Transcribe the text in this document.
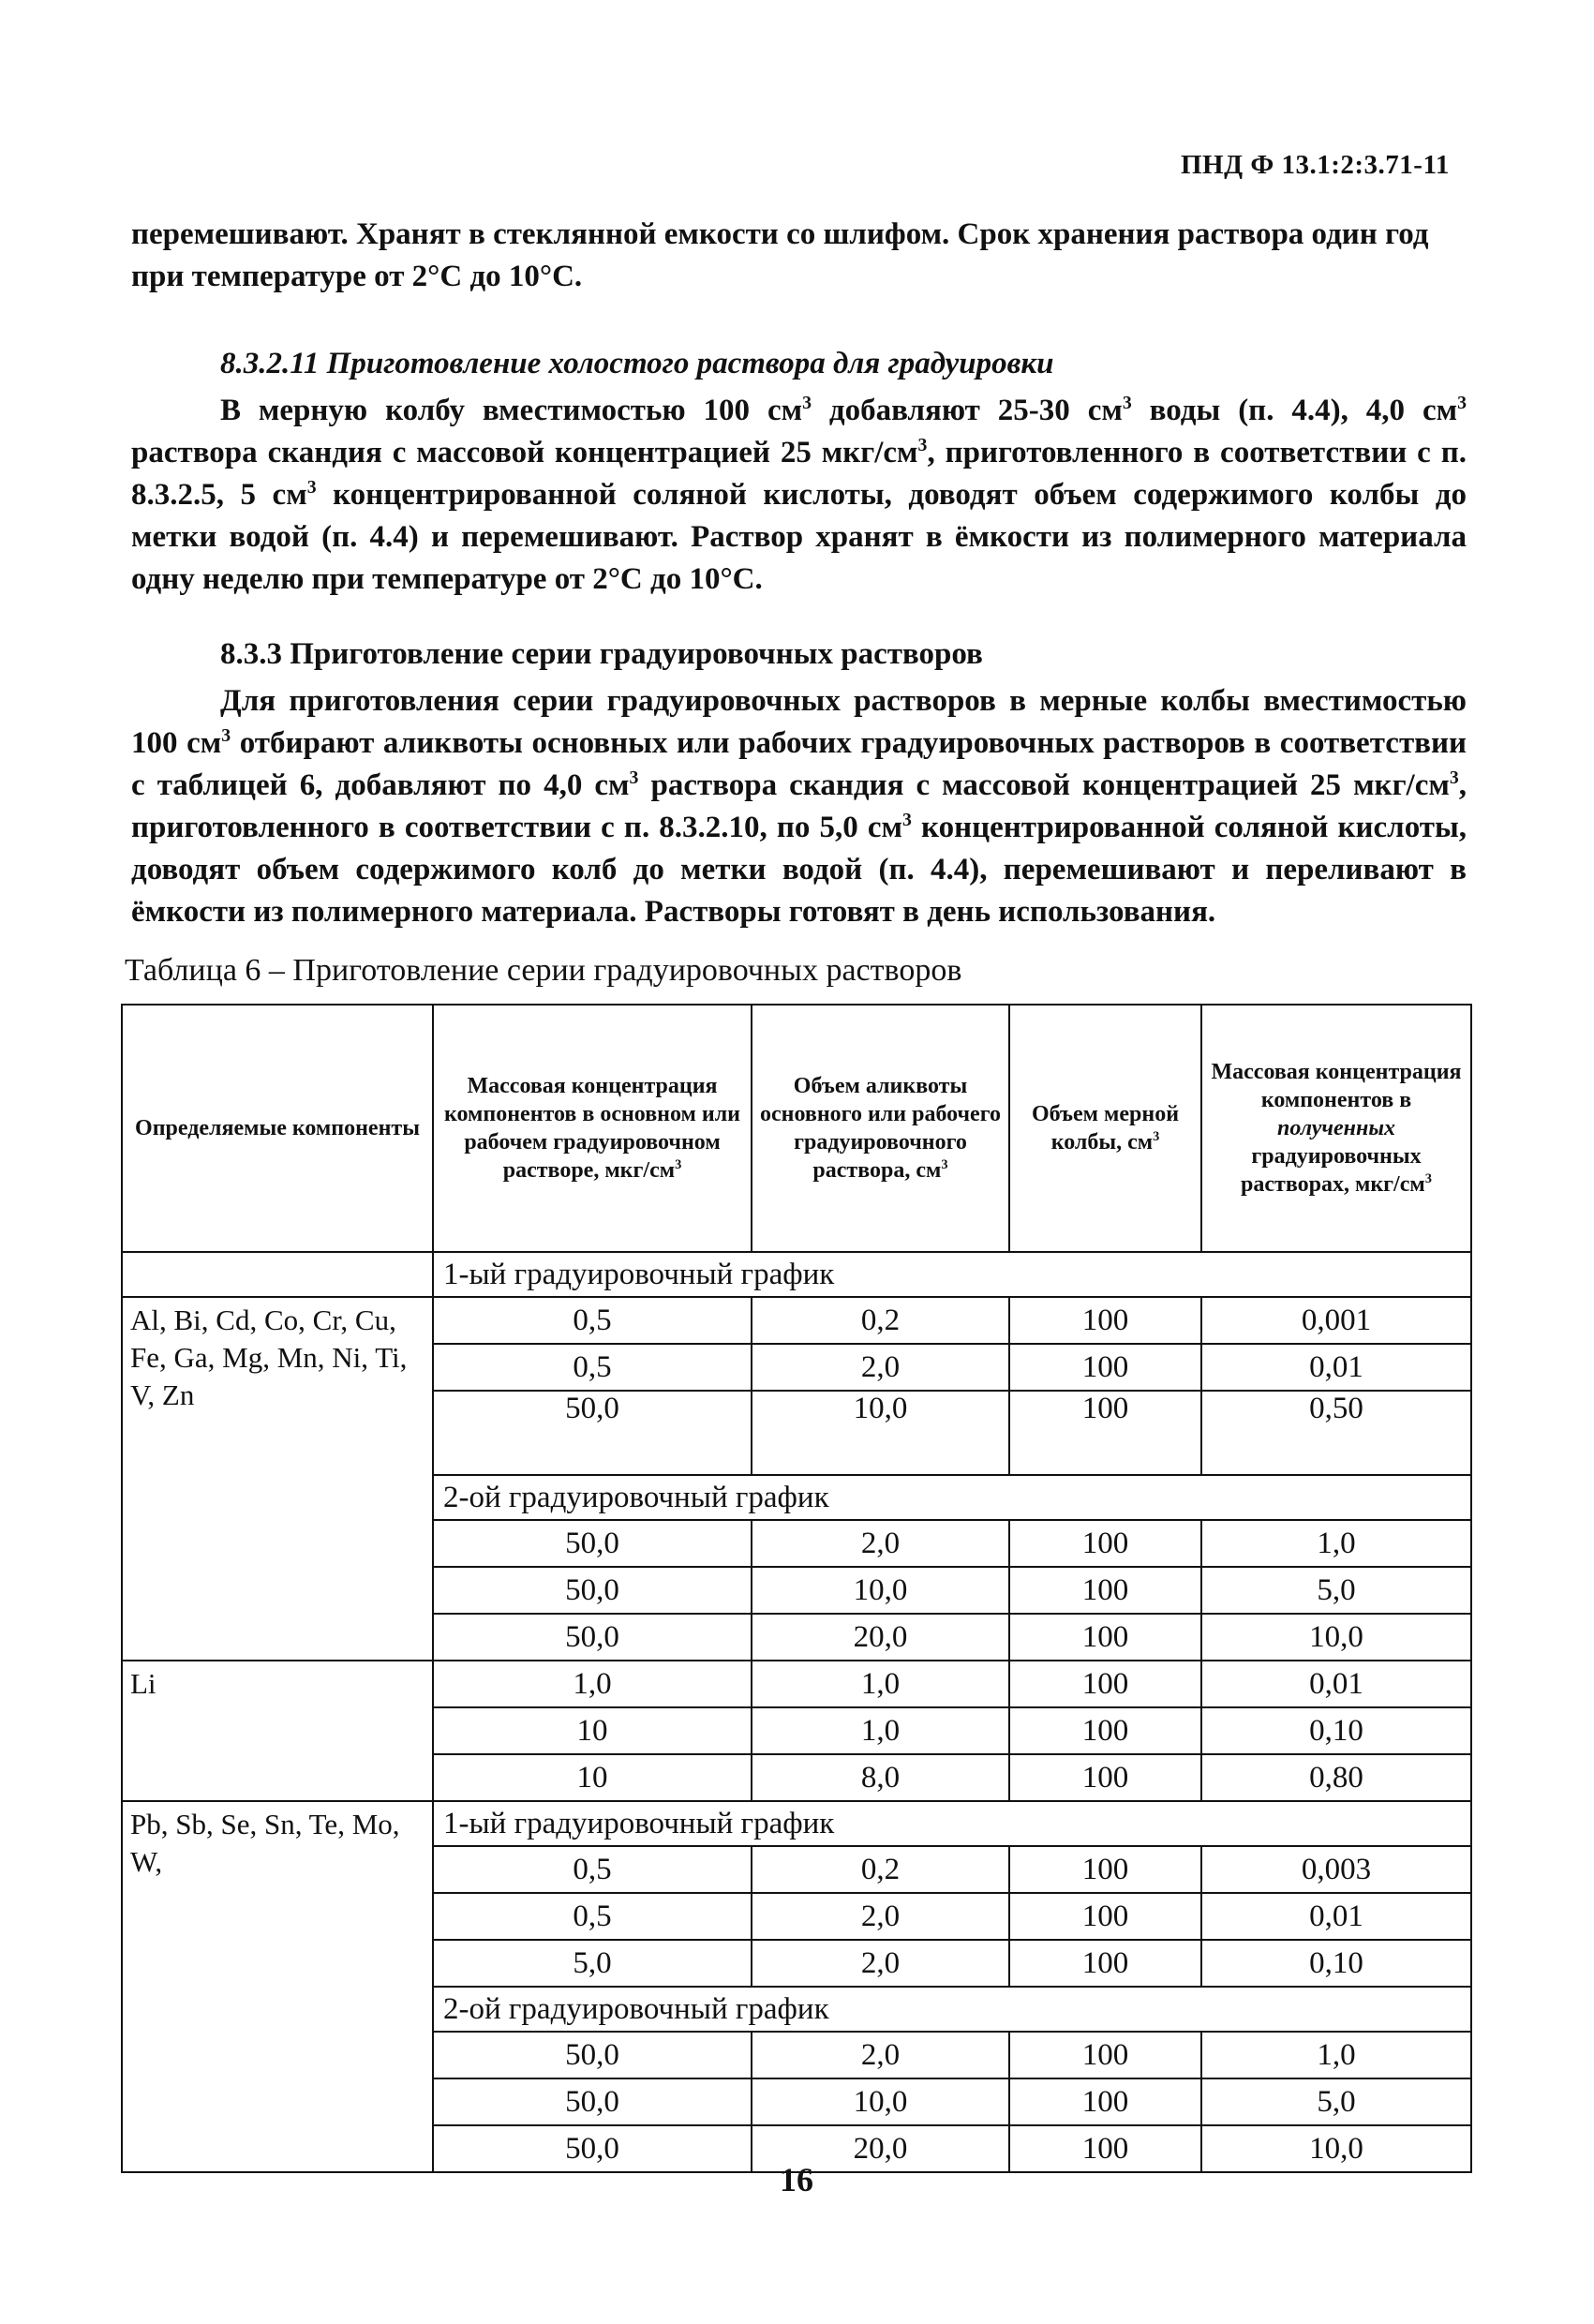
ПНД Ф 13.1:2:3.71-11
перемешивают. Хранят в стеклянной емкости со шлифом. Срок хранения раствора один год
при температуре от 2°С до 10°С.
8.3.2.11 Приготовление холостого раствора для градуировки
В мерную колбу вместимостью 100 $см^3$ добавляют 25-30 $см^3$ воды (п. 4.4), 4,0 $см^3$ раствора скандия с массовой концентрацией 25 мкг/$см^3$, приготовленного в соответствии с п. 8.3.2.5, 5 $см^3$ концентрированной соляной кислоты, доводят объем содержимого колбы до метки водой (п. 4.4) и перемешивают. Раствор хранят в ёмкости из полимерного материала одну неделю при температуре от 2°С до 10°С.
8.3.3 Приготовление серии градуировочных растворов
Для приготовления серии градуировочных растворов в мерные колбы вместимостью 100 $см^3$ отбирают аликвоты основных или рабочих градуировочных растворов в соответствии с таблицей 6, добавляют по 4,0 $см^3$ раствора скандия с массовой концентрацией 25 мкг/$см^3$, приготовленного в соответствии с п. 8.3.2.10, по 5,0 $см^3$ концентрированной соляной кислоты, доводят объем содержимого колб до метки водой (п. 4.4), перемешивают и переливают в ёмкости из полимерного материала. Растворы готовят в день использования.
Таблица 6 – Приготовление серии градуировочных растворов
Определяемые компоненты	Массовая концентрация компонентов в основном или рабочем градуировочном растворе, мкг/$см^3$	Объем аликвоты основного или рабочего градуировочного раствора, $см^3$	Объем мерной колбы, $см^3$	Массовая концентрация компонентов в полученных градуировочных растворах, мкг/$см^3$
	1-ый градуировочный график			
Al, Bi, Cd, Co, Cr, Cu, Fe, Ga, Mg, Mn, Ni, Ti, V, Zn	0,5	0,2	100	0,001
	0,5	2,0	100	0,01
	50,0	10,0	100	0,50
	2-ой градуировочный график			
	50,0	2,0	100	1,0
	50,0	10,0	100	5,0
	50,0	20,0	100	10,0
Li	1,0	1,0	100	0,01
	10	1,0	100	0,10
	10	8,0	100	0,80
Pb, Sb, Se, Sn, Te, Mo, W,	1-ый градуировочный график			
	0,5	0,2	100	0,003
	0,5	2,0	100	0,01
	5,0	2,0	100	0,10
	2-ой градуировочный график			
	50,0	2,0	100	1,0
	50,0	10,0	100	5,0
	50,0	20,0	100	10,0
16
